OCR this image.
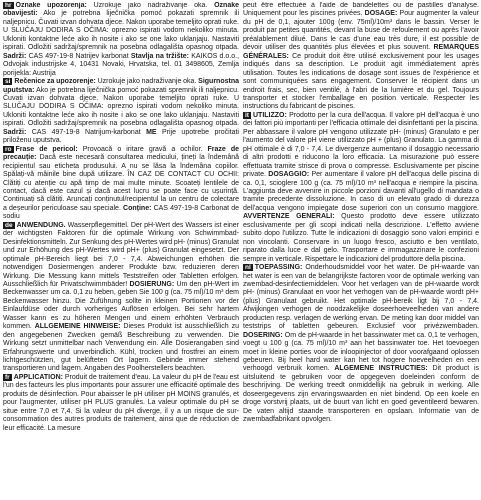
hr Oznake upozorenja: Uzrokuje jako nadraživanje oka. Oznake obavijesti: Ako je potrebna liječnička pomoć pokazati spremnik ili naljepnicu. Čuvati izvan dohvata djece. Nakon uporabe temeljito oprati ruke. U SLUČAJU DODIRA S OČIMA: oprezno ispirati vodom nekoliko minuta. Ukloniti kontaktne leće ako ih nosite i ako se one lako uklanjaju. Nastaviti ispirati. Odložiti sadržaj/spremnik na posebna odlagališta opasnog otpada. Sadrži: CAS 497-19-8 Natrijev karbonat Stavlja na tržište: KAIKOS d.o.o., Odvojak industrijske 4, 10431 Novaki, Hrvatska, tel. 01 3498605, Zemlja porijekla: Austrija

si Rečenice za upozorenje: Uzrokuje jako nadraživanje oka. Sigurnostna uputstva: Ako je potrebna liječnička pomoć pokazati spremnik ili naljepnicu. Čuvati izvan dohvata djece. Nakon uporabe temeljito oprati ruke. U SLUČAJU DODIRA S OČIMA: oprezno ispirati vodom nekoliko minuta. Ukloniti kontaktne leće ako ih nosite i ako se one lako uklanjaju. Nastaviti ispirati. Odložiti sadržaj/spremnik na posebna odlagališta opasnog otpada. Sadrži: CAS 497-19-8 Natrijum-karbonat ME Prije upotrebe pročitati priloženu uputstva.

ro Frase de pericol: Provoacă o iritare gravă a ochilor. Fraze de precauție: Dacă este necesară consultarea medicului, țineți la îndemână recipientul sau eticheta produsului. A nu se lăsa la îndemâna copiilor. Spălați-vă mâinile bine după utilizare. ÎN CAZ DE CONTACT CU OCHII: Clătiți cu atenție cu apă timp de mai multe minute. Scoateți lentilele de contact, dacă este cazul și dacă acest lucru se poate face cu ușurință. Continuați să clătiți. Aruncați conținutul/recipientul la un centru de colectare a deșeurilor periculoase sau speciale. Conține: CAS 497-19-8 Carbonat de sodiu

de ANWENDUNG. Wasserpflegemittel. Der pH-Wert des Wassers ist einer der wichtigsten Faktoren für die optimale Wirkung von Schwimmbad-Desinfektionsmitteln. Zur Senkung des pH-Wertes wird pH- (minus) Granulat und zur Erhöhung des pH-Wertes wird pH+ (plus) Granulat eingesetzt. Der optimale pH-Bereich liegt bei 7,0 - 7,4. Abweichungen erhöhen die notwendigen Dosiermengen anderer Produkte bzw. reduzieren deren Wirkung. Die Messung kann mittels Teststreifen oder Tabletten erfolgen. Ausschließlich für Privatschwimmbäder! DOSIERUNG: Um den pH-Wert im Beckenwasser um ca. 0,1 zu heben, geben Sie 100 g (ca. 75 ml)/10 m³ dem Beckenwasser hinzu. Die Zuführung sollte in kleinen Portionen vor der Einlaufdüse oder durch vorheriges Auflösen erfolgen. Bei sehr hartem Wasser kann es zu höheren Mengen und einem erhöhten Verbrauch kommen. ALLGEMEINE HINWEISE: Dieses Produkt ist ausschließlich zu den angegebenen Zwecken gemäß Beschreibung zu verwenden. Die Wirkung setzt unmittelbar nach Verwendung ein. Alle Dosierangaben sind Erfahrungswerte und unverbindlich. Kühl, trocken und frostfrei an einem lichtgeschützten, gut belüfteten Ort lagern. Gebinde immer stehend transportieren und lagern. Angaben des Poolherstellers beachten.

fr APPLICATION: Produit de traitement d'eau. La valeur du pH de l'eau est l'un des facteurs les plus importants pour assurer une efficacité optimale des produits de désinfection. Pour abaisser le pH utiliser pH MOINS granulés, et pour l'augmenter, utiliser pH PLUS granulés. La valeur optimale du pH se situe entre 7,0 et 7,4. Si la valeur du pH diverge, il y a un risque de sur-consommation des autres produits de traitement, ainsi que de réduction de leur efficacité. La mesure

peut être effectuée à l'aide de bandelettes ou de pastilles d'analyse. Uniquement pour les piscines privées. DOSAGE: Pour augmenter la valeur du pH de 0,1, ajouter 100g (env. 75ml)/10m³ dans le bassin. Verser le produit par petites quantités, devant la buse de refoulement ou après l'avoir préalablement dilué. Dans le cas d'une eau très dure, il est possible de devoir utiliser des quantités plus élevées et plus souvent. REMARQUES GÉNÉRALES: Ce produit doit être utilisé exclusivement pour les usages indiqués dans sa description. Le produit agit immédiatement après utilisation. Toutes les indications de dosage sont issues de l'expérience et sont communiquées sans engagement. Conserver le récipient dans un endroit frais, sec, bien ventilé, à l'abri de la lumière et du gel. Toujours transporter et stocker l'emballage en position verticale. Respecter les instructions du fabricant de piscines.

it UTILIZZO: Prodotto per la cura dell'acqua. Il valore pH dell'acqua è uno dei fattori più importanti per l'efficacia ottimale dei disinfettanti per la piscina. Per abbassare il valore pH vengono utilizzate pH- (minus) Granulato e per l'aumento del valore pH viene utilizzato pH + (plus) Granulato. La gamma di pH ottimale è di 7,0 - 7,4. Le divergenze aumentano il dosaggio necessario di altri prodotti e riducono la loro efficacia. La misurazione può essere effettuata tramite strisce di prova o compresse. Esclusivamente per piscine private. DOSAGGIO: Per aumentare il valore pH dell'acqua delle piscina di ca. 0,1, scioglere 100 g (ca. 75 ml)/10 m³ nell'acqua e riempire la piscina. L'aggiunta deve avvenire in piccole porzioni davanti all'ugello di mandata o tramite precedente dissoluzione. In caso di un elevato grado di durezza dell'acqua vengono impiegate dose superiori con un consumo maggiore. AVVERTENZE GENERALI: Questo prodotto deve essere utilizzato esclusivamente per gli scopi indicati nella descrizione. L'effetto avviene subito dopo l'utilizzo. Tutte le indicazioni di dosaggio sono valori empirici e non vincolanti. Conservare in un luogo fresco, asciutto e ben ventilato, riparato dalla luce e dal gelo. Trasportare e immagazzinare le confezioni sempre in verticale. Rispettare le indicazioni del produttore della piscina.

nl TOEPASSING: Onderhoudsmiddel voor het water. De pH-waarde van het water is een van de belangrijkste factoren voor de optimale werking van zwembad-desinfectiemiddelen. Voor het verlagen van de pH-waarde wordt pH- (minus) Granulaat en voor het verhogen van de pH-waarde wordt pH+ (plus) Granulaat gebruikt. Het optimale pH-bereik ligt bij 7,0 - 7,4. Afwijkingen verhogen de noodzakelijke doseerhoeveelheden van andere producten resp. verlagen de werking ervan. De meting kan door middel van teststrips of tabletten gebeuren. Exclusief voor privézwembaden. DOSERING: Om de pH-waarde in het bassinwater met ca. 0,1 te verhogen, voegt u 100 g (ca. 75 ml)/10 m³ aan het bassinwater toe. Het toevoegen moet in kleine porties voor de inloopinjector of door voorafgaand oplossen gebeuren. Bij heel hard water kan het tot hogere hoeveelheden en een verhoogd verbruik komen. ALGEMENE INSTRUCTIES: Dit product is uitsluitend te gebruiken voor de opgegeven doeleinden conform de beschrijving. De werking treedt onmiddellijk na gebruik in werking. Alle doseergegevens zijn ervaringswaarden en niet bindend. Op een koele en droge vorstvrij plaats, uit de buurt van licht en goed geventileerd bewaren. De vaten altijd staande transporteren en opslaan. Informatie van de zwembadfabrikant opvolgen.
